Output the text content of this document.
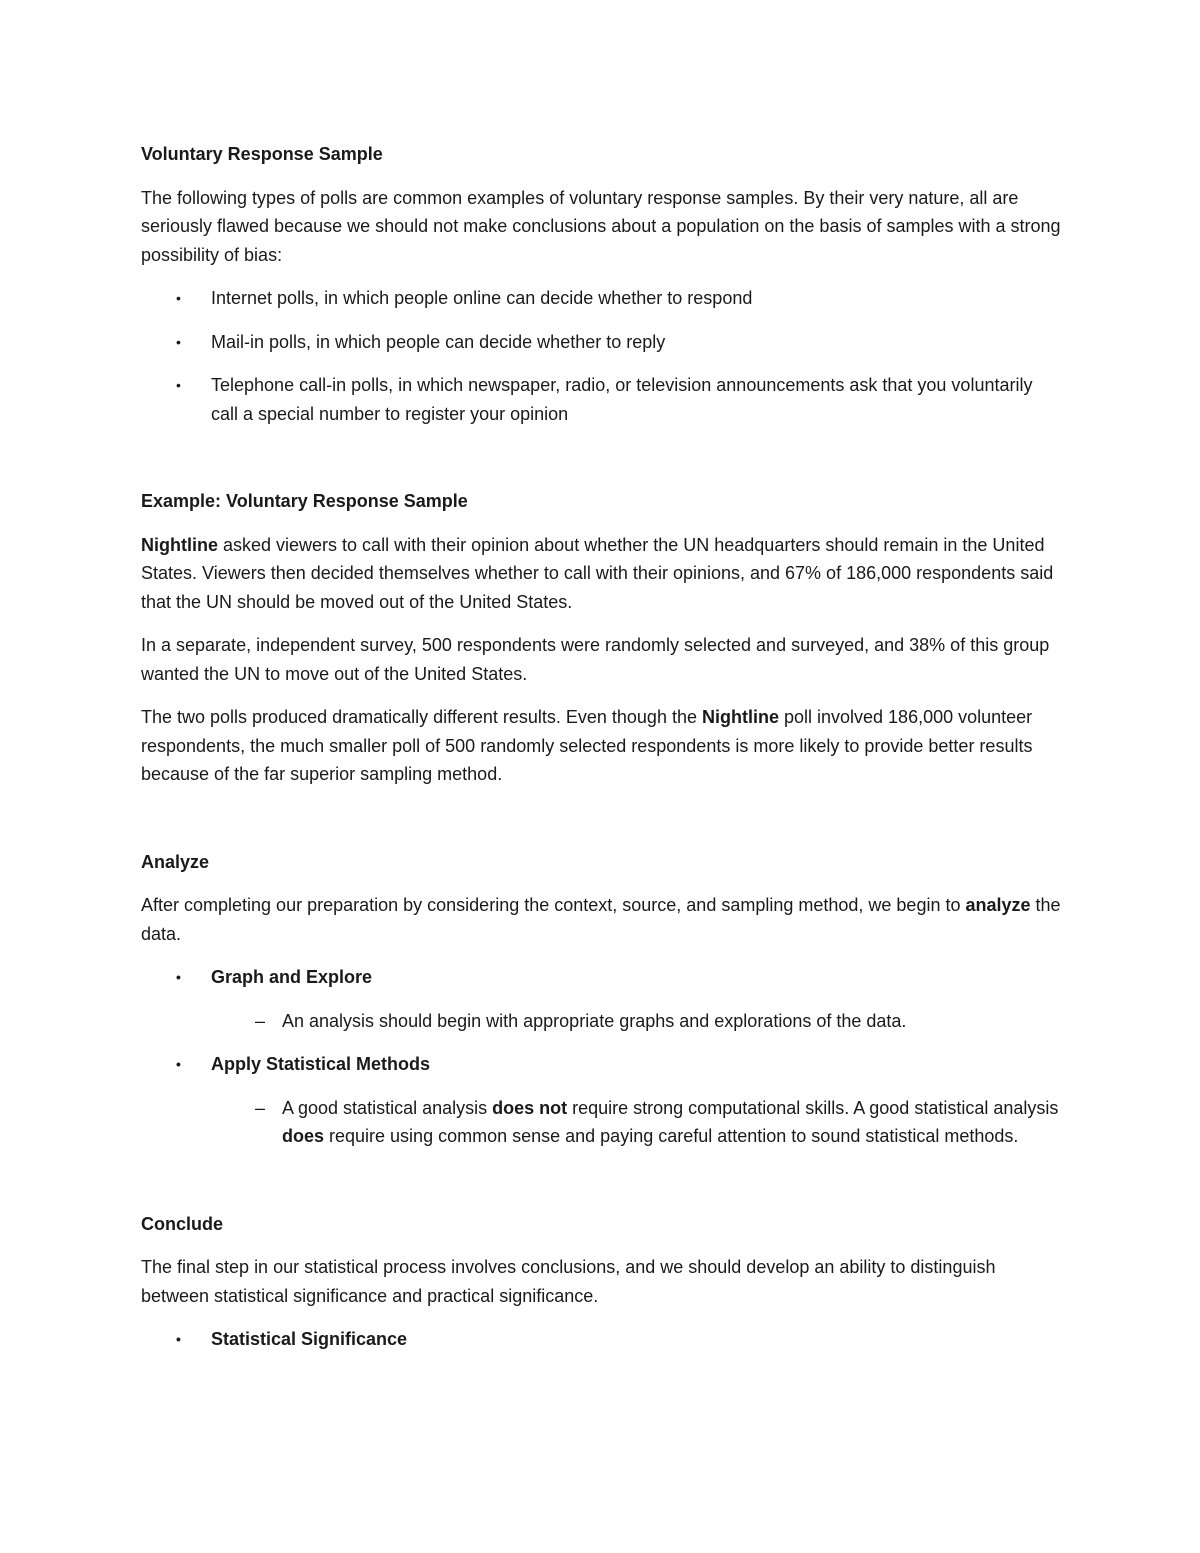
Voluntary Response Sample

The following types of polls are common examples of voluntary response samples. By their very nature, all are seriously flawed because we should not make conclusions about a population on the basis of samples with a strong possibility of bias:

• Internet polls, in which people online can decide whether to respond
• Mail-in polls, in which people can decide whether to reply
• Telephone call-in polls, in which newspaper, radio, or television announcements ask that you voluntarily call a special number to register your opinion
Example: Voluntary Response Sample

Nightline asked viewers to call with their opinion about whether the UN headquarters should remain in the United States. Viewers then decided themselves whether to call with their opinions, and 67% of 186,000 respondents said that the UN should be moved out of the United States.

In a separate, independent survey, 500 respondents were randomly selected and surveyed, and 38% of this group wanted the UN to move out of the United States.

The two polls produced dramatically different results. Even though the Nightline poll involved 186,000 volunteer respondents, the much smaller poll of 500 randomly selected respondents is more likely to provide better results because of the far superior sampling method.

Analyze

After completing our preparation by considering the context, source, and sampling method, we begin to analyze the data.

• Graph and Explore
– An analysis should begin with appropriate graphs and explorations of the data.
• Apply Statistical Methods
– A good statistical analysis does not require strong computational skills. A good statistical analysis does require using common sense and paying careful attention to sound statistical methods.
Conclude

The final step in our statistical process involves conclusions, and we should develop an ability to distinguish between statistical significance and practical significance.

• Statistical Significance
